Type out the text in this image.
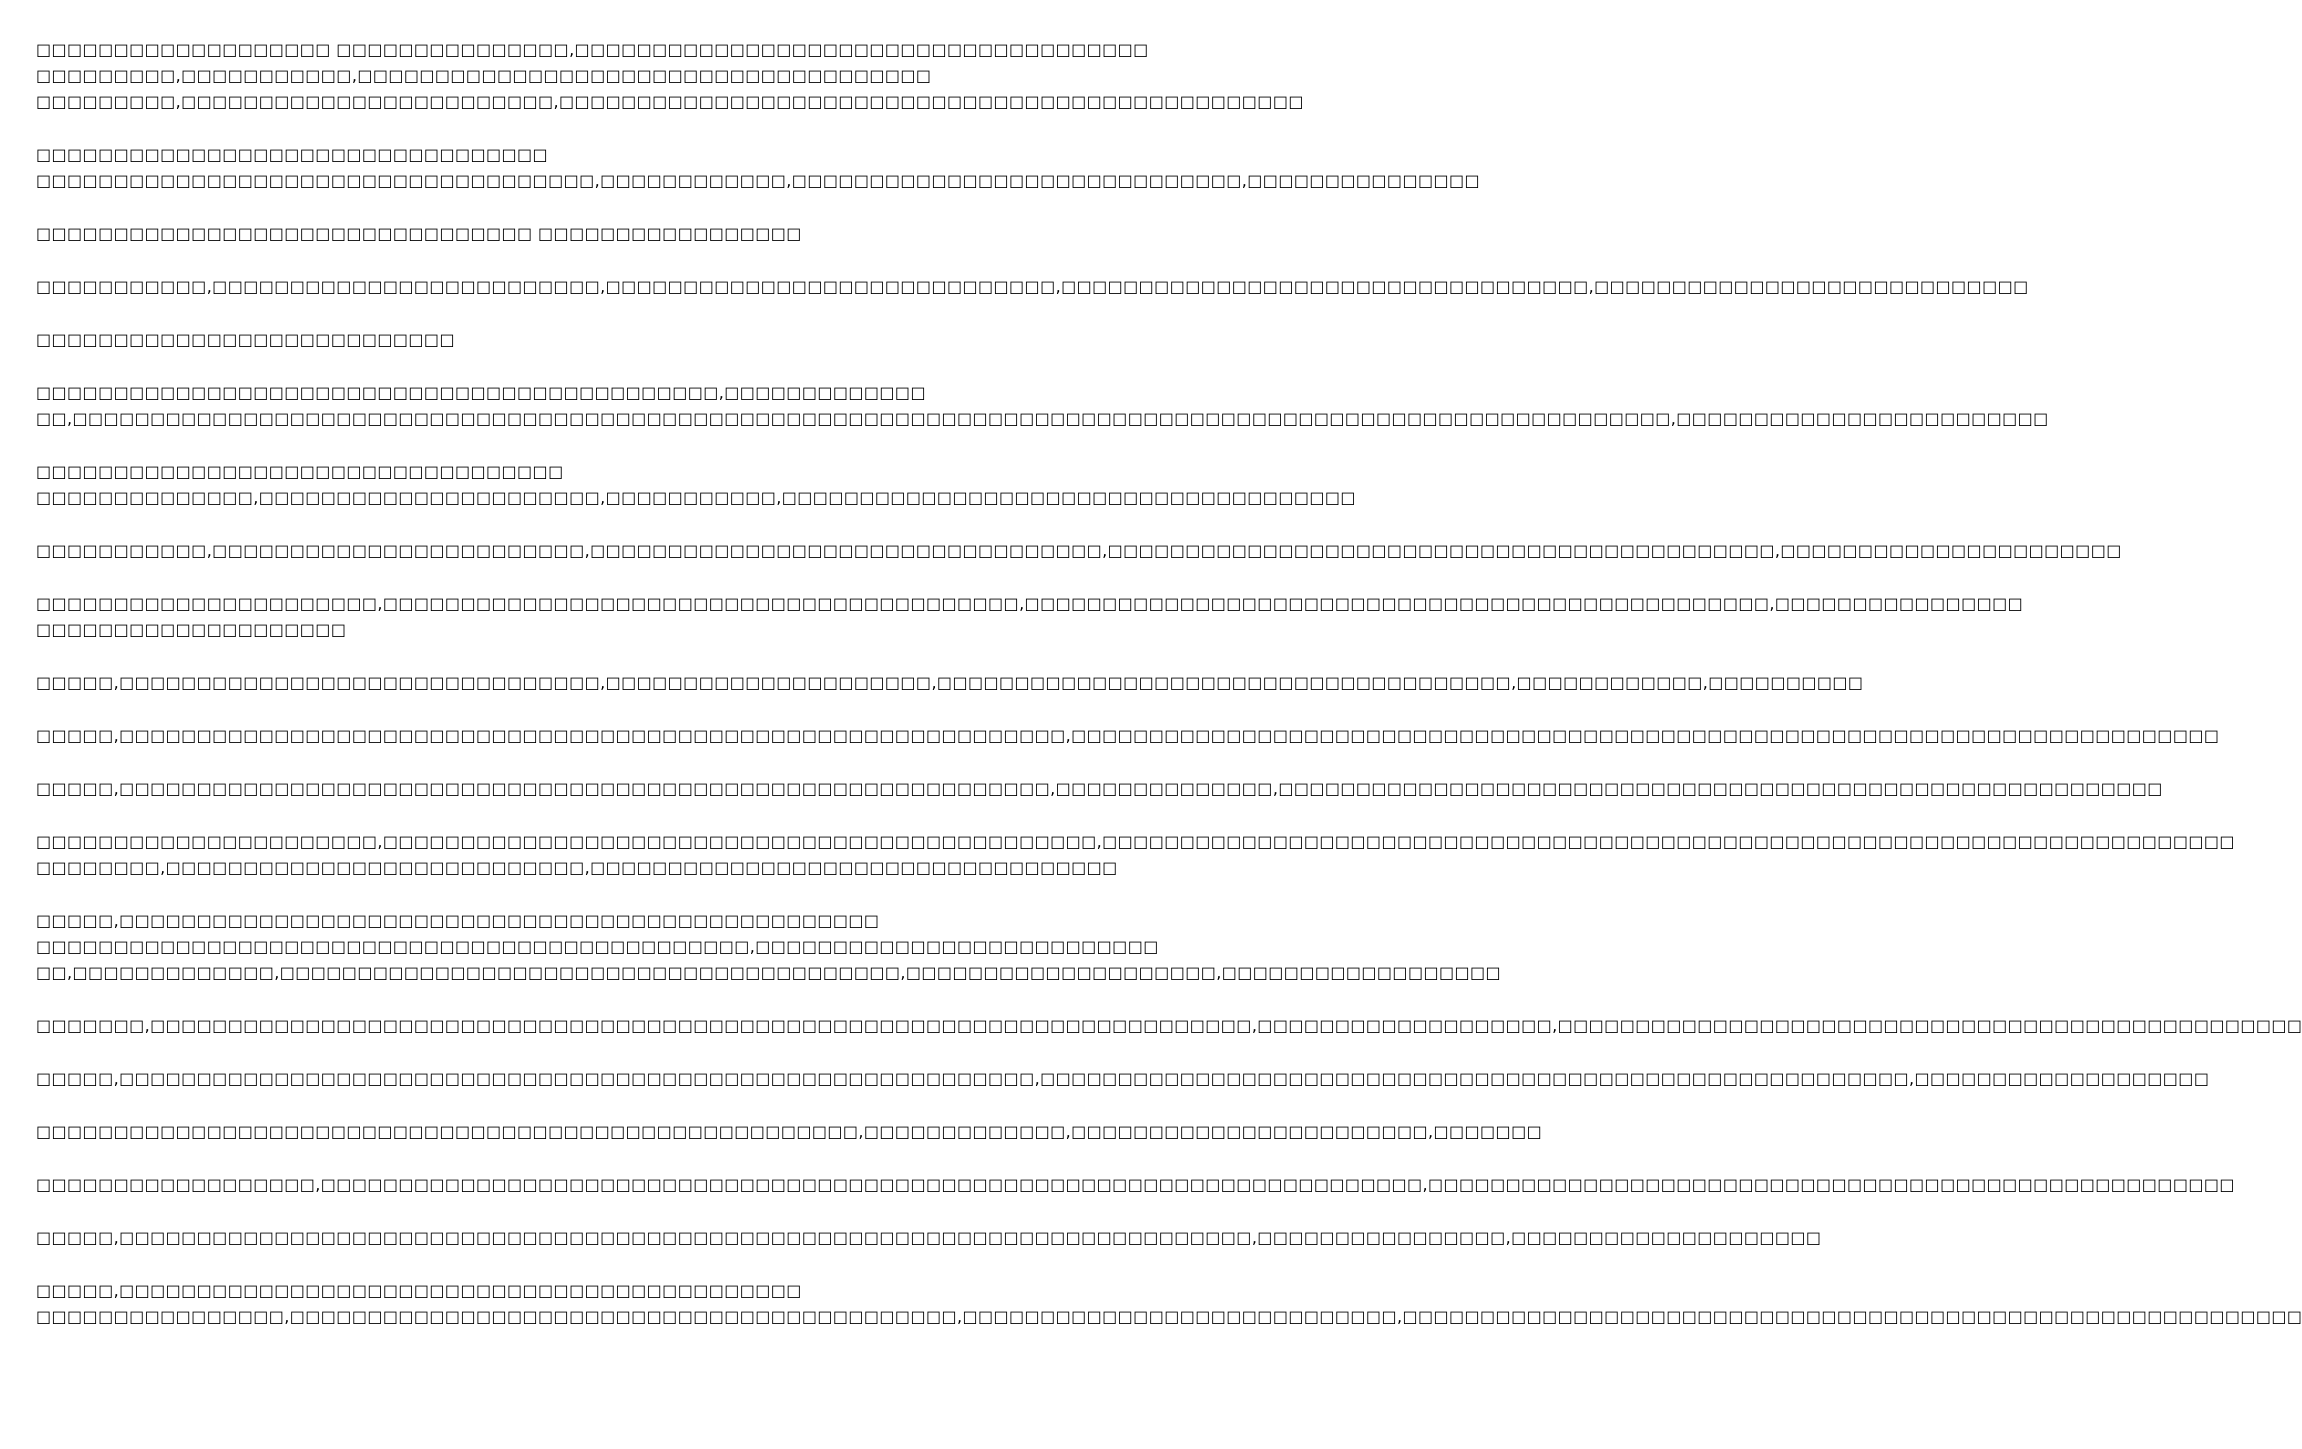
□□□□□□□□□□□□□□□□□□□ □□□□□□□□□□□□□□□,□□□□□□□□□□□□□□□□□□□□□□□□□□□□□□□□□□□□□
□□□□□□□□□,□□□□□□□□□□□,□□□□□□□□□□□□□□□□□□□□□□□□□□□□□□□□□□□□□
□□□□□□□□□,□□□□□□□□□□□□□□□□□□□□□□□□,□□□□□□□□□□□□□□□□□□□□□□□□□□□□□□□□□□□□□□□□□□□□□□□□
□□□□□□□□□□□□□□□□□□□□□□□□□□□□□□□□□
□□□□□□□□□□□□□□□□□□□□□□□□□□□□□□□□□□□□,□□□□□□□□□□□□,□□□□□□□□□□□□□□□□□□□□□□□□□□□□□,□□□□□□□□□□□□□□□
□□□□□□□□□□□□□□□□□□□□□□□□□□□□□□□□ □□□□□□□□□□□□□□□□□
□□□□□□□□□□□,□□□□□□□□□□□□□□□□□□□□□□□□□,□□□□□□□□□□□□□□□□□□□□□□□□□□□□□,□□□□□□□□□□□□□□□□□□□□□□□□□□□□□□□□□□,□□□□□□□□□□□□□□□□□□□□□□□□□□□□
□□□□□□□□□□□□□□□□□□□□□□□□□□□
□□□□□□□□□□□□□□□□□□□□□□□□□□□□□□□□□□□□□□□□□□□□,□□□□□□□□□□□□□
□□,□□□□□□□□□□□□□□□□□□□□□□□□□□□□□□□□□□□□□□□□□□□□□□□□□□□□□□□□□□□□□□□□□□□□□□□□□□□□□□□□□□□□□□□□□□□□□□□□□□□□□□□,□□□□□□□□□□□□□□□□□□□□□□□□
□□□□□□□□□□□□□□□□□□□□□□□□□□□□□□□□□□
□□□□□□□□□□□□□□,□□□□□□□□□□□□□□□□□□□□□□,□□□□□□□□□□□,□□□□□□□□□□□□□□□□□□□□□□□□□□□□□□□□□□□□□
□□□□□□□□□□□,□□□□□□□□□□□□□□□□□□□□□□□□,□□□□□□□□□□□□□□□□□□□□□□□□□□□□□□□□□,□□□□□□□□□□□□□□□□□□□□□□□□□□□□□□□□□□□□□□□□□□□,□□□□□□□□□□□□□□□□□□□□□□
□□□□□□□□□□□□□□□□□□□□□□,□□□□□□□□□□□□□□□□□□□□□□□□□□□□□□□□□□□□□□□□□,□□□□□□□□□□□□□□□□□□□□□□□□□□□□□□□□□□□□□□□□□□□□□□□□,□□□□□□□□□□□□□□□□
□□□□□□□□□□□□□□□□□□□□
□□□□□,□□□□□□□□□□□□□□□□□□□□□□□□□□□□□□□,□□□□□□□□□□□□□□□□□□□□□,□□□□□□□□□□□□□□□□□□□□□□□□□□□□□□□□□□□□□,□□□□□□□□□□□□,□□□□□□□□□□
□□□□□,□□□□□□□□□□□□□□□□□□□□□□□□□□□□□□□□□□□□□□□□□□□□□□□□□□□□□□□□□□□□□,□□□□□□□□□□□□□□□□□□□□□□□□□□□□□□□□□□□□□□□□□□□□□□□□□□□□□□□□□□□□□□□□□□□□□□□□□□
□□□□□,□□□□□□□□□□□□□□□□□□□□□□□□□□□□□□□□□□□□□□□□□□□□□□□□□□□□□□□□□□□□,□□□□□□□□□□□□□□,□□□□□□□□□□□□□□□□□□□□□□□□□□□□□□□□□□□□□□□□□□□□□□□□□□□□□□□□□
□□□□□□□□□□□□□□□□□□□□□□,□□□□□□□□□□□□□□□□□□□□□□□□□□□□□□□□□□□□□□□□□□□□□□,□□□□□□□□□□□□□□□□□□□□□□□□□□□□□□□□□□□□□□□□□□□□□□□□□□□□□□□□□□□□□□□□□□□□□□□□□
□□□□□□□□,□□□□□□□□□□□□□□□□□□□□□□□□□□□,□□□□□□□□□□□□□□□□□□□□□□□□□□□□□□□□□□
□□□□□,□□□□□□□□□□□□□□□□□□□□□□□□□□□□□□□□□□□□□□□□□□□□□□□□□
□□□□□□□□□□□□□□□□□□□□□□□□□□□□□□□□□□□□□□□□□□□□□□,□□□□□□□□□□□□□□□□□□□□□□□□□□
□□,□□□□□□□□□□□□□,□□□□□□□□□□□□□□□□□□□□□□□□□□□□□□□□□□□□□□□□,□□□□□□□□□□□□□□□□□□□□,□□□□□□□□□□□□□□□□□□
□□□□□□□,□□□□□□□□□□□□□□□□□□□□□□□□□□□□□□□□□□□□□□□□□□□□□□□□□□□□□□□□□□□□□□□□□□□□□□□,□□□□□□□□□□□□□□□□□□□,□□□□□□□□□□□□□□□□□□□□□□□□□□□□□□□□□□□□□□□□□□□□□□□□
□□□□□,□□□□□□□□□□□□□□□□□□□□□□□□□□□□□□□□□□□□□□□□□□□□□□□□□□□□□□□□□□□,□□□□□□□□□□□□□□□□□□□□□□□□□□□□□□□□□□□□□□□□□□□□□□□□□□□□□□□□,□□□□□□□□□□□□□□□□□□□
□□□□□□□□□□□□□□□□□□□□□□□□□□□□□□□□□□□□□□□□□□□□□□□□□□□□□,□□□□□□□□□□□□□,□□□□□□□□□□□□□□□□□□□□□□□,□□□□□□□
□□□□□□□□□□□□□□□□□□,□□□□□□□□□□□□□□□□□□□□□□□□□□□□□□□□□□□□□□□□□□□□□□□□□□□□□□□□□□□□□□□□□□□□□□□,□□□□□□□□□□□□□□□□□□□□□□□□□□□□□□□□□□□□□□□□□□□□□□□□□□□□
□□□□□,□□□□□□□□□□□□□□□□□□□□□□□□□□□□□□□□□□□□□□□□□□□□□□□□□□□□□□□□□□□□□□□□□□□□□□□□□,□□□□□□□□□□□□□□□□,□□□□□□□□□□□□□□□□□□□□
□□□□□,□□□□□□□□□□□□□□□□□□□□□□□□□□□□□□□□□□□□□□□□□□□□
□□□□□□□□□□□□□□□□,□□□□□□□□□□□□□□□□□□□□□□□□□□□□□□□□□□□□□□□□□□□,□□□□□□□□□□□□□□□□□□□□□□□□□□□□,□□□□□□□□□□□□□□□□□□□□□□□□□□□□□□□□□□□□□□□□□□□□□□□□□□□□□□□□□□
